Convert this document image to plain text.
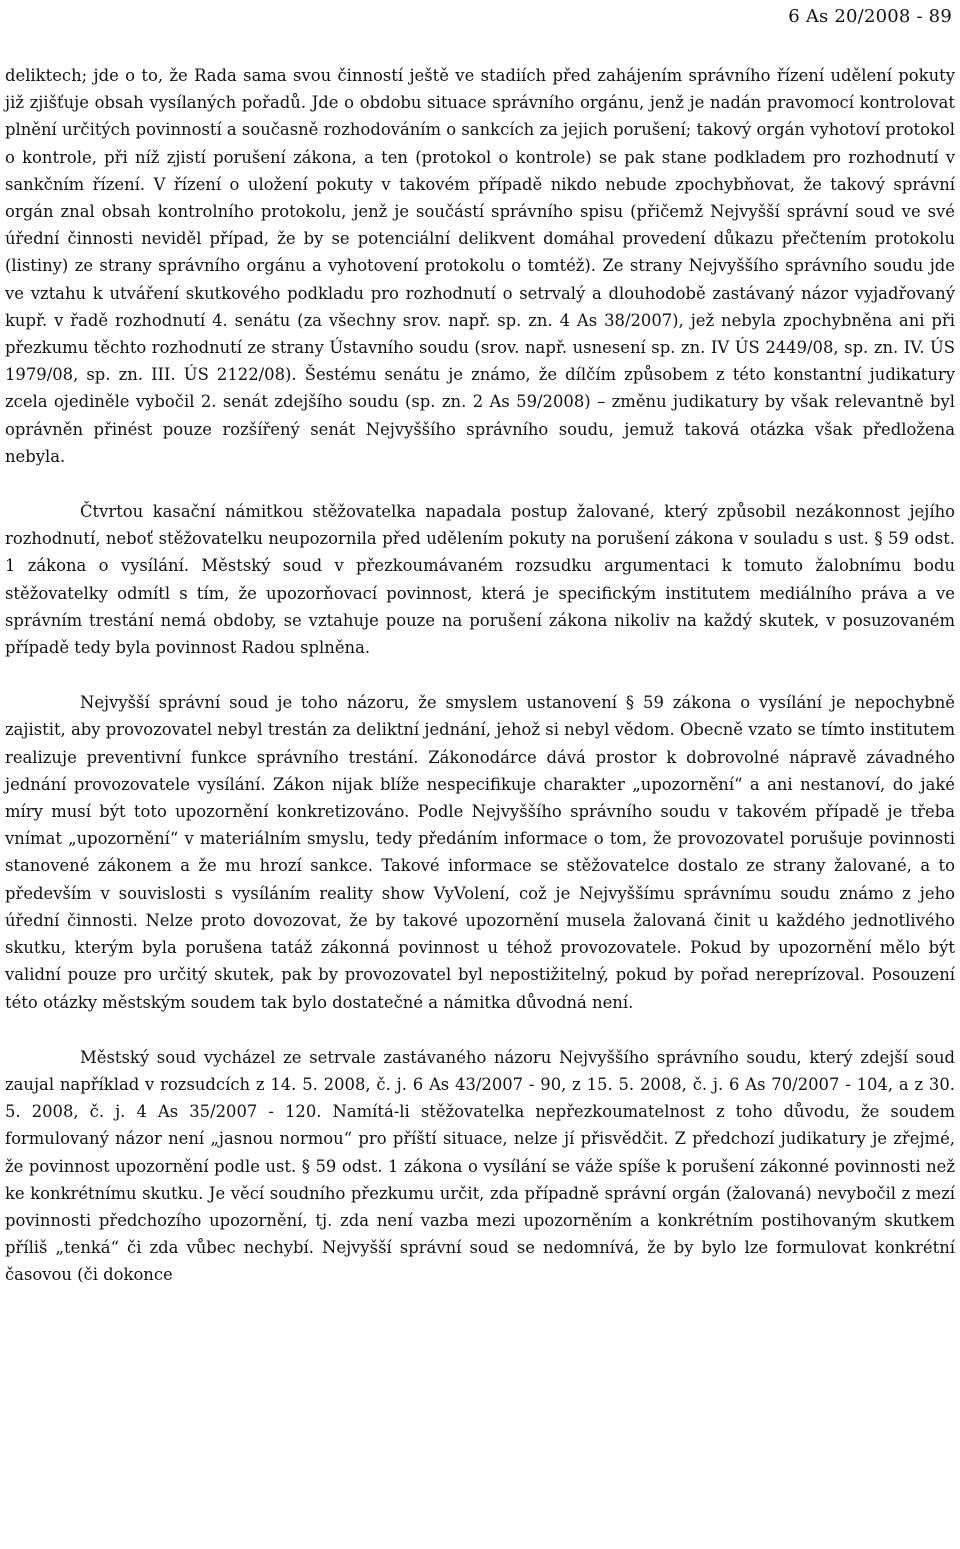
6 As 20/2008 - 89

deliktech; jde o to, že Rada sama svou činností ještě ve stadiích před zahájením správního řízení udělení pokuty již zjišťuje obsah vysílaných pořadů. Jde o obdobu situace správního orgánu, jenž je nadán pravomocí kontrolovat plnění určitých povinností a současně rozhodováním o sankcích za jejich porušení; takový orgán vyhotoví protokol o kontrole, při níž zjistí porušení zákona, a ten (protokol o kontrole) se pak stane podkladem pro rozhodnutí v sankčním řízení. V řízení o uložení pokuty v takovém případě nikdo nebude zpochybňovat, že takový správní orgán znal obsah kontrolního protokolu, jenž je součástí správního spisu (přičemž Nejvyšší správní soud ve své úřední činnosti neviděl případ, že by se potenciální delikvent domáhal provedení důkazu přečtením protokolu (listiny) ze strany správního orgánu a vyhotovení protokolu o tomtéž). Ze strany Nejvyššího správního soudu jde ve vztahu k utváření skutkového podkladu pro rozhodnutí o setrvalý a dlouhodobě zastávaný názor vyjadřovaný kupř. v řadě rozhodnutí 4. senátu (za všechny srov. např. sp. zn. 4 As 38/2007), jež nebyla zpochybněna ani při přezkumu těchto rozhodnutí ze strany Ústavního soudu (srov. např. usnesení sp. zn. IV ÚS 2449/08, sp. zn. IV. ÚS 1979/08, sp. zn. III. ÚS 2122/08). Šestému senátu je známo, že dílčím způsobem z této konstantní judikatury zcela ojediněle vybočil 2. senát zdejšího soudu (sp. zn. 2 As 59/2008) – změnu judikatury by však relevantně byl oprávněn přinést pouze rozšířený senát Nejvyššího správního soudu, jemuž taková otázka však předložena nebyla.

Čtvrtou kasační námitkou stěžovatelka napadala postup žalované, který způsobil nezákonnost jejího rozhodnutí, neboť stěžovatelku neupozornila před udělením pokuty na porušení zákona v souladu s ust. § 59 odst. 1 zákona o vysílání. Městský soud v přezkoumávaném rozsudku argumentaci k tomuto žalobnímu bodu stěžovatelky odmítl s tím, že upozorňovací povinnost, která je specifickým institutem mediálního práva a ve správním trestání nemá obdoby, se vztahuje pouze na porušení zákona nikoliv na každý skutek, v posuzovaném případě tedy byla povinnost Radou splněna.

Nejvyšší správní soud je toho názoru, že smyslem ustanovení § 59 zákona o vysílání je nepochybně zajistit, aby provozovatel nebyl trestán za deliktní jednání, jehož si nebyl vědom. Obecně vzato se tímto institutem realizuje preventivní funkce správního trestání. Zákonodárce dává prostor k dobrovolné nápravě závadného jednání provozovatele vysílání. Zákon nijak blíže nespecifikuje charakter „upozornění“ a ani nestanoví, do jaké míry musí být toto upozornění konkretizováno. Podle Nejvyššího správního soudu v takovém případě je třeba vnímat „upozornění“ v materiálním smyslu, tedy předáním informace o tom, že provozovatel porušuje povinnosti stanovené zákonem a že mu hrozí sankce. Takové informace se stěžovatelce dostalo ze strany žalované, a to především v souvislosti s vysíláním reality show VyVolení, což je Nejvyššímu správnímu soudu známo z jeho úřední činnosti. Nelze proto dovozovat, že by takové upozornění musela žalovaná činit u každého jednotlivého skutku, kterým byla porušena tatáž zákonná povinnost u téhož provozovatele. Pokud by upozornění mělo být validní pouze pro určitý skutek, pak by provozovatel byl nepostižitelný, pokud by pořad nereprízoval. Posouzení této otázky městským soudem tak bylo dostatečné a námitka důvodná není.

Městský soud vycházel ze setrvale zastávaného názoru Nejvyššího správního soudu, který zdejší soud zaujal například v rozsudcích z 14. 5. 2008, č. j. 6 As 43/2007 - 90, z 15. 5. 2008, č. j. 6 As 70/2007 - 104, a z 30. 5. 2008, č. j. 4 As 35/2007 - 120. Namítá-li stěžovatelka nepřezkoumatelnost z toho důvodu, že soudem formulovaný názor není „jasnou normou“ pro příští situace, nelze jí přisvědčit. Z předchozí judikatury je zřejmé, že povinnost upozornění podle ust. § 59 odst. 1 zákona o vysílání se váže spíše k porušení zákonné povinnosti než ke konkrétnímu skutku. Je věcí soudního přezkumu určit, zda případně správní orgán (žalovaná) nevybočil z mezí povinnosti předchozího upozornění, tj. zda není vazba mezi upozorněním a konkrétním postihovaným skutkem příliš „tenká“ či zda vůbec nechybí. Nejvyšší správní soud se nedomnívá, že by bylo lze formulovat konkrétní časovou (či dokonce
